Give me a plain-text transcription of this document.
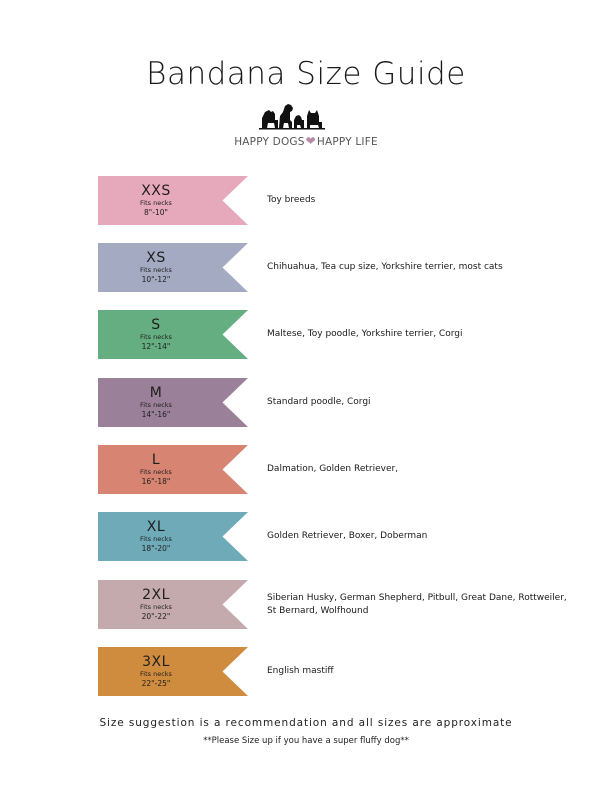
Bandana Size Guide
HAPPY DOGS❤HAPPY LIFE
XXS
Fits necks
8"-10"
Toy breeds
XS
Fits necks
10"-12"
Chihuahua, Tea cup size, Yorkshire terrier, most cats
S
Fits necks
12"-14"
Maltese, Toy poodle, Yorkshire terrier, Corgi
M
Fits necks
14"-16"
Standard poodle, Corgi
L
Fits necks
16"-18"
Dalmation, Golden Retriever,
XL
Fits necks
18"-20"
Golden Retriever, Boxer, Doberman
2XL
Fits necks
20"-22"
Siberian Husky, German Shepherd, Pitbull, Great Dane, Rottweiler, St Bernard, Wolfhound
3XL
Fits necks
22"-25"
English mastiff
Size suggestion is a recommendation and all sizes are approximate
**Please Size up if you have a super fluffy dog**
